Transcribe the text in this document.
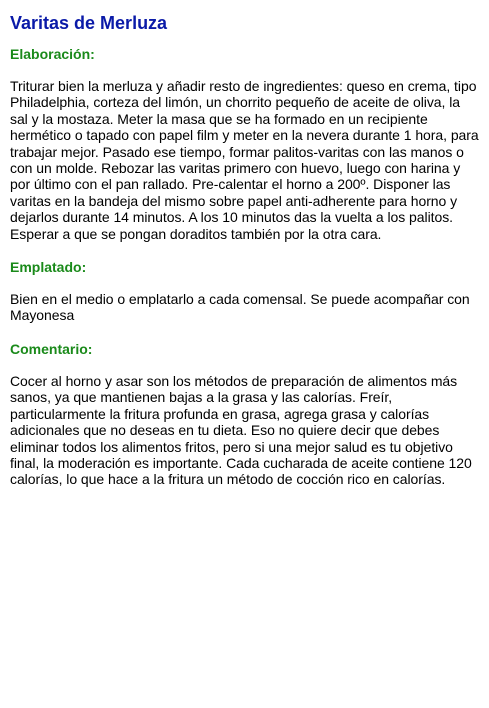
Varitas de Merluza
Elaboración:

Triturar bien la merluza y añadir resto de ingredientes: queso en crema, tipo Philadelphia, corteza del limón, un chorrito pequeño de aceite de oliva, la sal y la mostaza. Meter la masa que se ha formado en un recipiente hermético o tapado con papel film y meter en la nevera durante 1 hora, para trabajar mejor. Pasado ese tiempo, formar palitos-varitas con las manos o con un molde. Rebozar las varitas primero con huevo, luego con harina y por último con el pan rallado. Pre-calentar el horno a 200º. Disponer las varitas en la bandeja del mismo sobre papel anti-adherente para horno y dejarlos durante 14 minutos. A los 10 minutos das la vuelta a los palitos. Esperar a que se pongan doraditos también por la otra cara.

Emplatado:

Bien en el medio o emplatarlo a cada comensal. Se puede acompañar con Mayonesa

Comentario:

Cocer al horno y asar son los métodos de preparación de alimentos más sanos, ya que mantienen bajas a la grasa y las calorías. Freír, particularmente la fritura profunda en grasa, agrega grasa y calorías adicionales que no deseas en tu dieta. Eso no quiere decir que debes eliminar todos los alimentos fritos, pero si una mejor salud es tu objetivo final, la moderación es importante. Cada cucharada de aceite contiene 120 calorías, lo que hace a la fritura un método de cocción rico en calorías.
